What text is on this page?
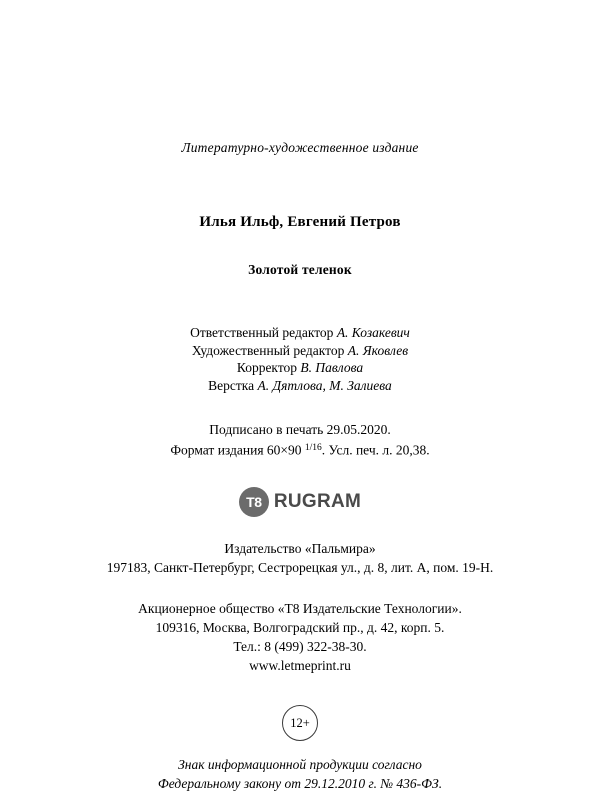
Литературно-художественное издание
Илья Ильф, Евгений Петров
Золотой теленок
Ответственный редактор А. Козакевич
Художественный редактор А. Яковлев
Корректор В. Павлова
Верстка А. Дятлова, М. Залиева
Подписано в печать 29.05.2020.
Формат издания 60×90 $^{1/16}$. Усл. печ. л. 20,38.
T8 RUGRAM
Издательство «Пальмира»
197183, Санкт-Петербург, Сестрорецкая ул., д. 8, лит. А, пом. 19-Н.
Акционерное общество «Т8 Издательские Технологии».
109316, Москва, Волгоградский пр., д. 42, корп. 5.
Тел.: 8 (499) 322-38-30.
www.letmeprint.ru
12+
Знак информационной продукции согласно
Федеральному закону от 29.12.2010 г. № 436-ФЗ.
